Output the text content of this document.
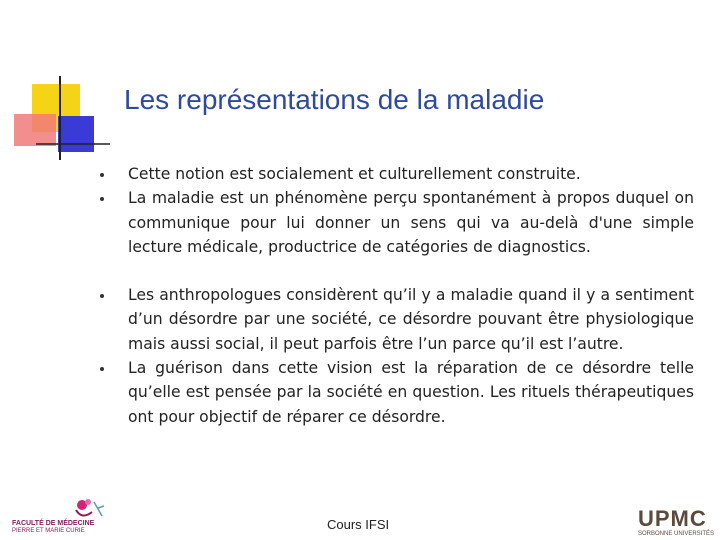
Les représentations de la maladie
Cette notion est socialement et culturellement construite.
La maladie est un phénomène perçu spontanément à propos duquel on communique pour lui donner un sens qui va au-delà d'une simple lecture médicale, productrice de catégories de diagnostics.
Les anthropologues considèrent qu’il y a maladie quand il y a sentiment d’un désordre par une société, ce désordre pouvant être physiologique mais aussi social, il peut parfois être l’un parce qu’il est l’autre.
La guérison dans cette vision est la réparation de ce désordre telle qu’elle est pensée par la société en question. Les rituels thérapeutiques ont pour objectif de réparer ce désordre.
FACULTÉ DE MÉDECINE
PIERRE ET MARIE CURIE	Cours IFSI	UPMC
SORBONNE UNIVERSITÉS
